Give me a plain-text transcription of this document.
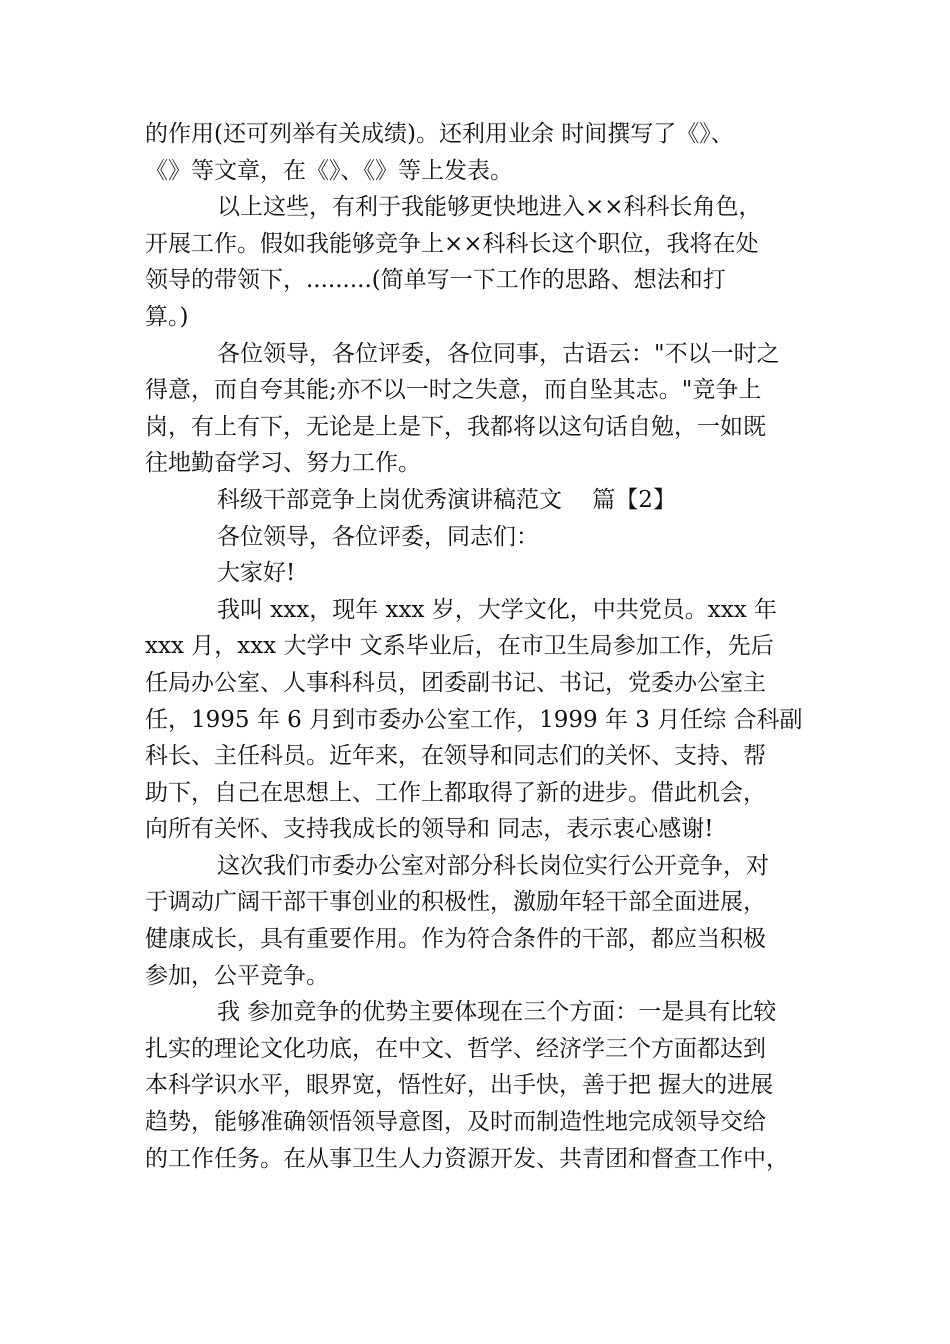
的作用(还可列举有关成绩)。还利用业余 时间撰写了《》、
《》等文章，在《》、《》等上发表。
以上这些，有利于我能够更快地进入××科科长角色，
开展工作。假如我能够竞争上××科科长这个职位，我将在处
领导的带领下，.........(简单写一下工作的思路、想法和打
算。)
各位领导，各位评委，各位同事，古语云："不以一时之
得意，而自夸其能;亦不以一时之失意，而自坠其志。"竞争上
岗，有上有下，无论是上是下，我都将以这句话自勉，一如既
往地勤奋学习、努力工作。
科级干部竞争上岗优秀演讲稿范文　 篇【2】
各位领导，各位评委，同志们：
大家好!
我叫 xxx，现年 xxx 岁，大学文化，中共党员。xxx 年
xxx 月，xxx 大学中 文系毕业后，在市卫生局参加工作，先后
任局办公室、人事科科员，团委副书记、书记，党委办公室主
任，1995 年 6 月到市委办公室工作，1999 年 3 月任综 合科副
科长、主任科员。近年来，在领导和同志们的关怀、支持、帮
助下，自己在思想上、工作上都取得了新的进步。借此机会，
向所有关怀、支持我成长的领导和 同志，表示衷心感谢!
这次我们市委办公室对部分科长岗位实行公开竞争，对
于调动广阔干部干事创业的积极性，激励年轻干部全面进展，
健康成长，具有重要作用。作为符合条件的干部，都应当积极
参加，公平竞争。
我 参加竞争的优势主要体现在三个方面：一是具有比较
扎实的理论文化功底，在中文、哲学、经济学三个方面都达到
本科学识水平，眼界宽，悟性好，出手快，善于把 握大的进展
趋势，能够准确领悟领导意图，及时而制造性地完成领导交给
的工作任务。在从事卫生人力资源开发、共青团和督查工作中，
